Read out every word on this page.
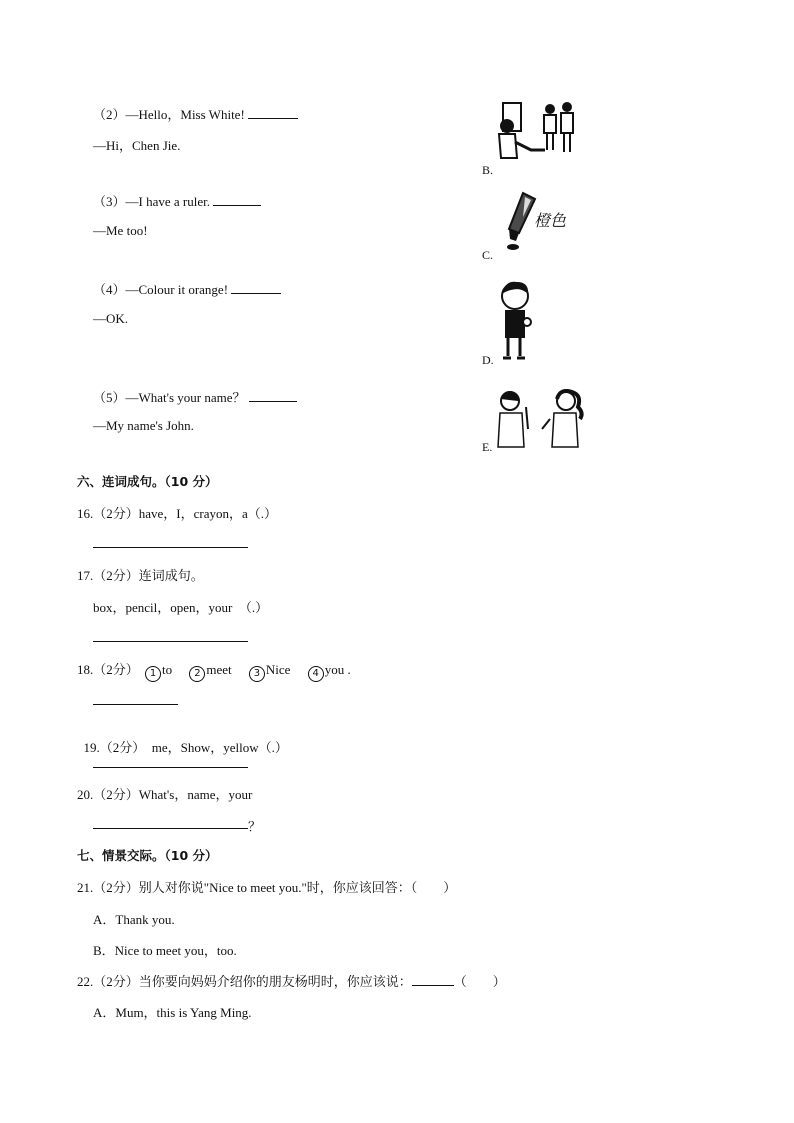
（2）—Hello，Miss White!
—Hi，Chen Jie.
（3）—I have a ruler.
—Me too!
（4）—Colour it orange!
—OK.
（5）—What's your name？
—My name's John.
B.
橙色
C.
D.
E.
六、连词成句。（10 分）
16.（2分）have，I，crayon，a（.）
17.（2分）连词成句。
box，pencil，open，your　（.）
18.（2分） 1 to 2 meet 3 Nice 4 you .

19.（2分）  me，Show，yellow（.）

20.（2分）What's，name，your
？
七、情景交际。（10 分）
21.（2分）别人对你说"Nice to meet you."时，你应该回答：（　　）
A．Thank you.
B．Nice to meet you，too.
22.（2分）当你要向妈妈介绍你的朋友杨明时，你应该说：	（　　）
A．Mum，this is Yang Ming.
